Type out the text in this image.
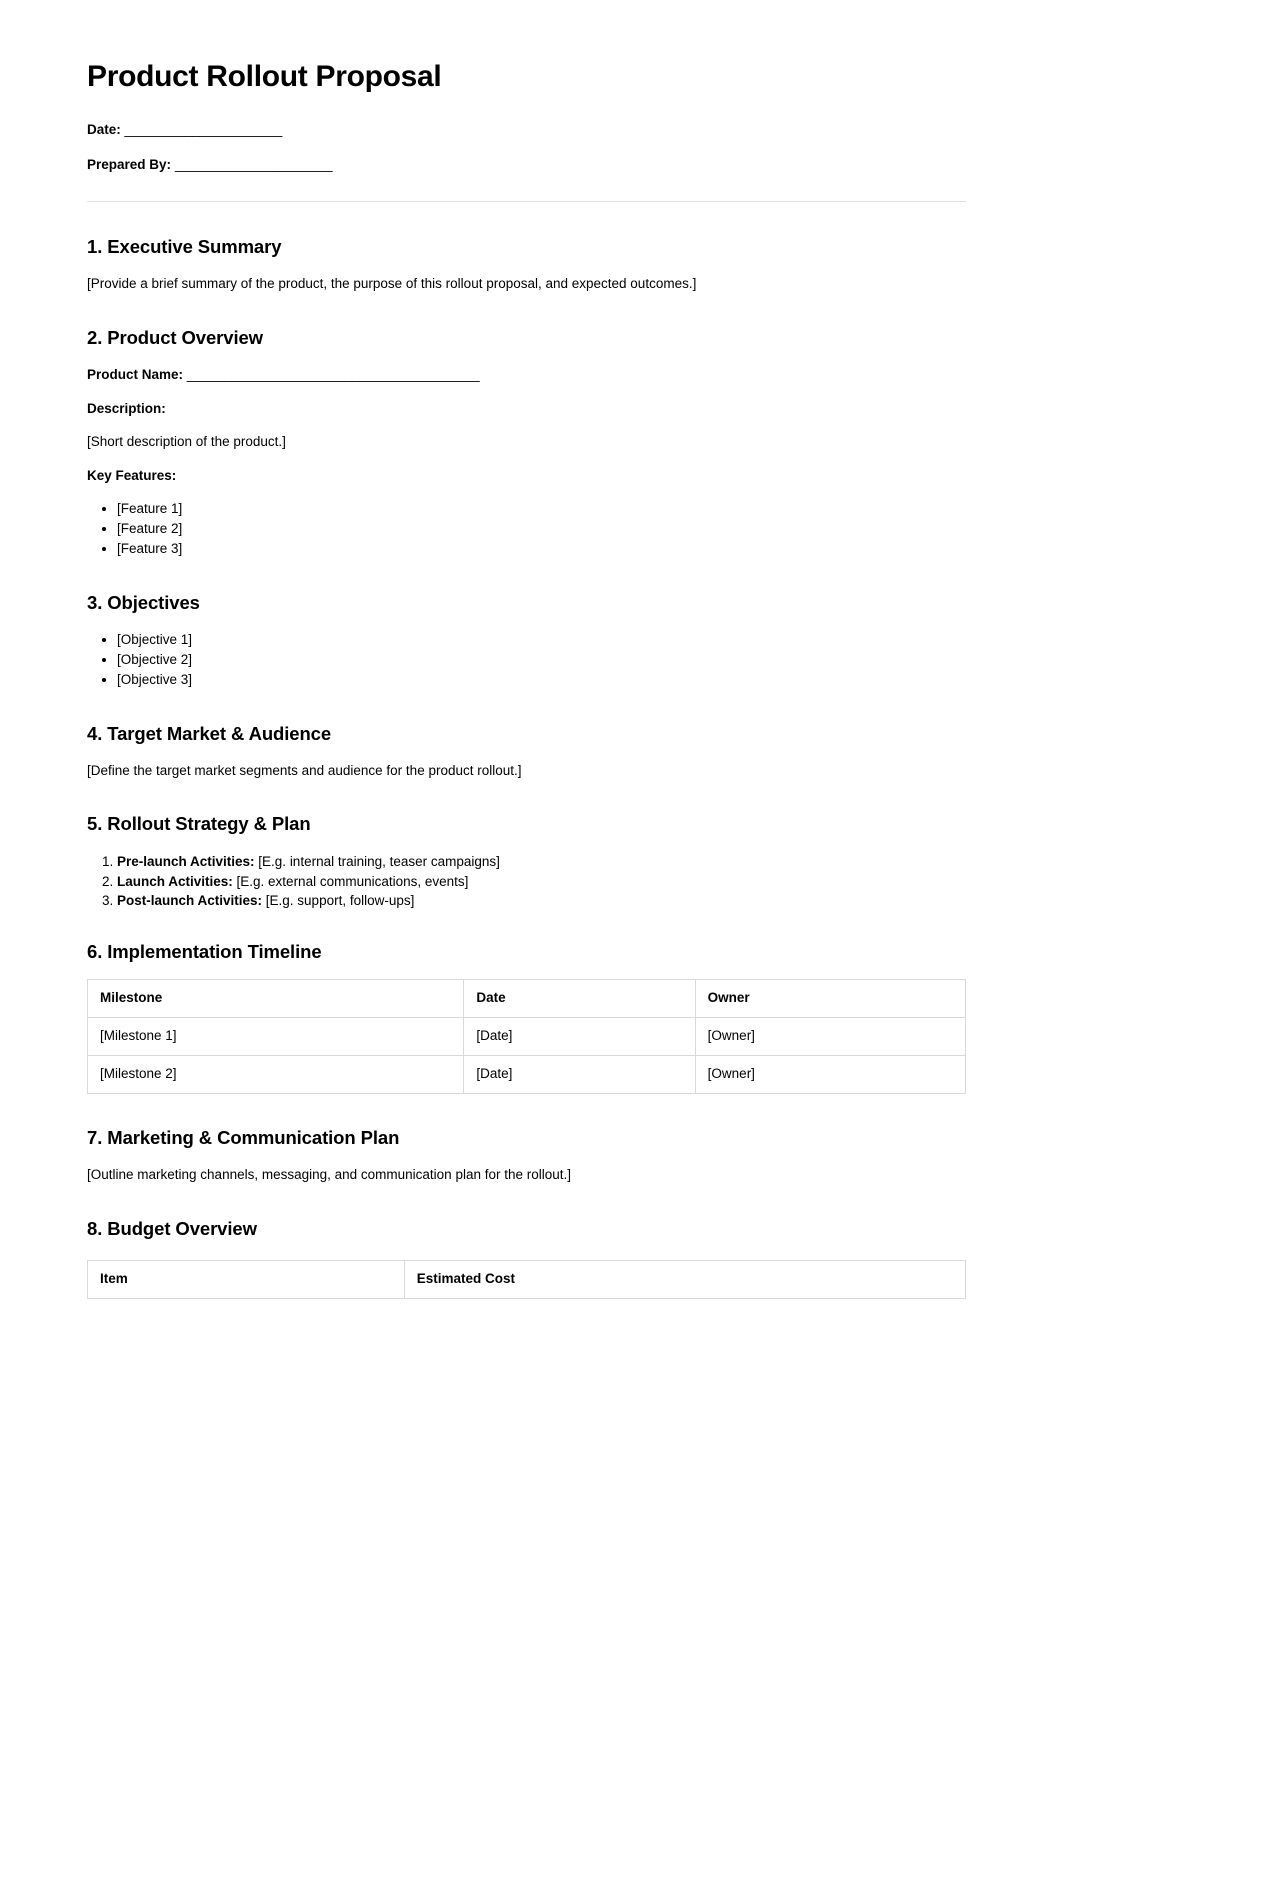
Product Rollout Proposal

Date: _____________________

Prepared By: _____________________

1. Executive Summary

[Provide a brief summary of the product, the purpose of this rollout proposal, and expected outcomes.]

2. Product Overview

Product Name: _______________________________________

Description:

[Short description of the product.]

Key Features:

• [Feature 1]
• [Feature 2]
• [Feature 3]
3. Objectives
• [Objective 1]
• [Objective 2]
• [Objective 3]
4. Target Market & Audience

[Define the target market segments and audience for the product rollout.]

5. Rollout Strategy & Plan
1. Pre-launch Activities: [E.g. internal training, teaser campaigns]
2. Launch Activities: [E.g. external communications, events]
3. Post-launch Activities: [E.g. support, follow-ups]
6. Implementation Timeline
Milestone	Date	Owner
[Milestone 1]	[Date]	[Owner]
[Milestone 2]	[Date]	[Owner]
7. Marketing & Communication Plan

[Outline marketing channels, messaging, and communication plan for the rollout.]

8. Budget Overview
Item	Estimated Cost
